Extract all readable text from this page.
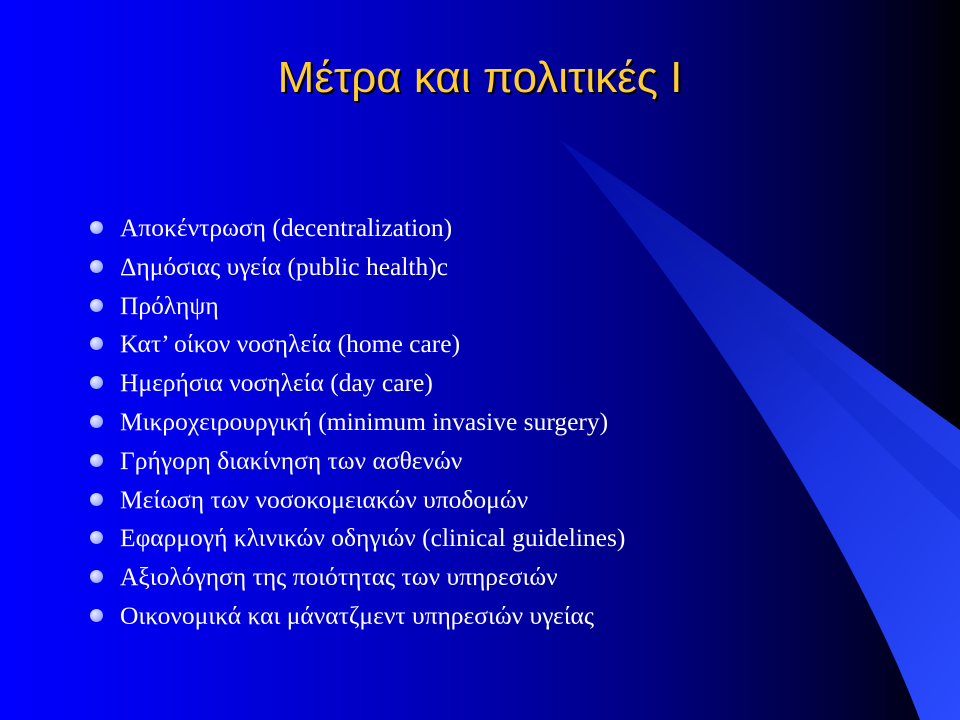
Μέτρα και πολιτικές Ι
Αποκέντρωση (decentralization)
Δημόσιας υγεία (public health)c
Πρόληψη
Κατ’ οίκον νοσηλεία (home care)
Ημερήσια νοσηλεία (day care)
Μικροχειρουργική (minimum invasive surgery)
Γρήγορη διακίνηση των ασθενών
Μείωση των νοσοκομειακών υποδομών
Εφαρμογή κλινικών οδηγιών (clinical guidelines)
Αξιολόγηση της ποιότητας των υπηρεσιών
Οικονομικά και μάνατζμεντ υπηρεσιών υγείας
